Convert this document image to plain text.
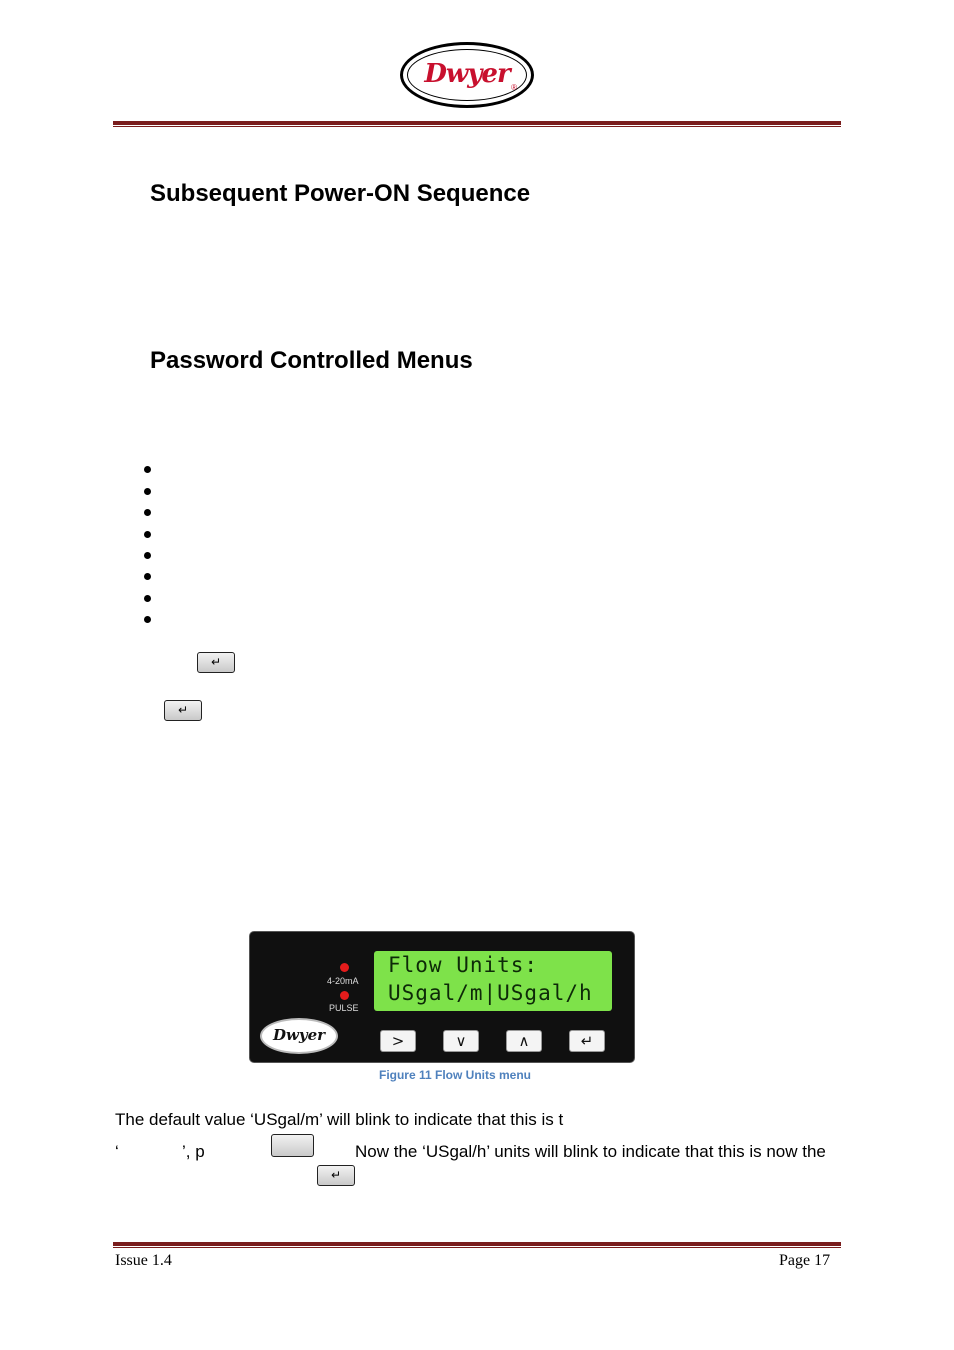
Dwyer ®
Subsequent Power-ON Sequence
Password Controlled Menus
↵
↵
4-20mA
PULSE
Flow Units:
USgal/m|USgal/h
Dwyer	>	∨	∧	↵
Figure 11 Flow Units menu
The default value ‘USgal/m’ will blink to indicate that this is t
‘	’, p	Now the ‘USgal/h’ units will blink to indicate that this is now the
↵
Issue 1.4	Page 17
